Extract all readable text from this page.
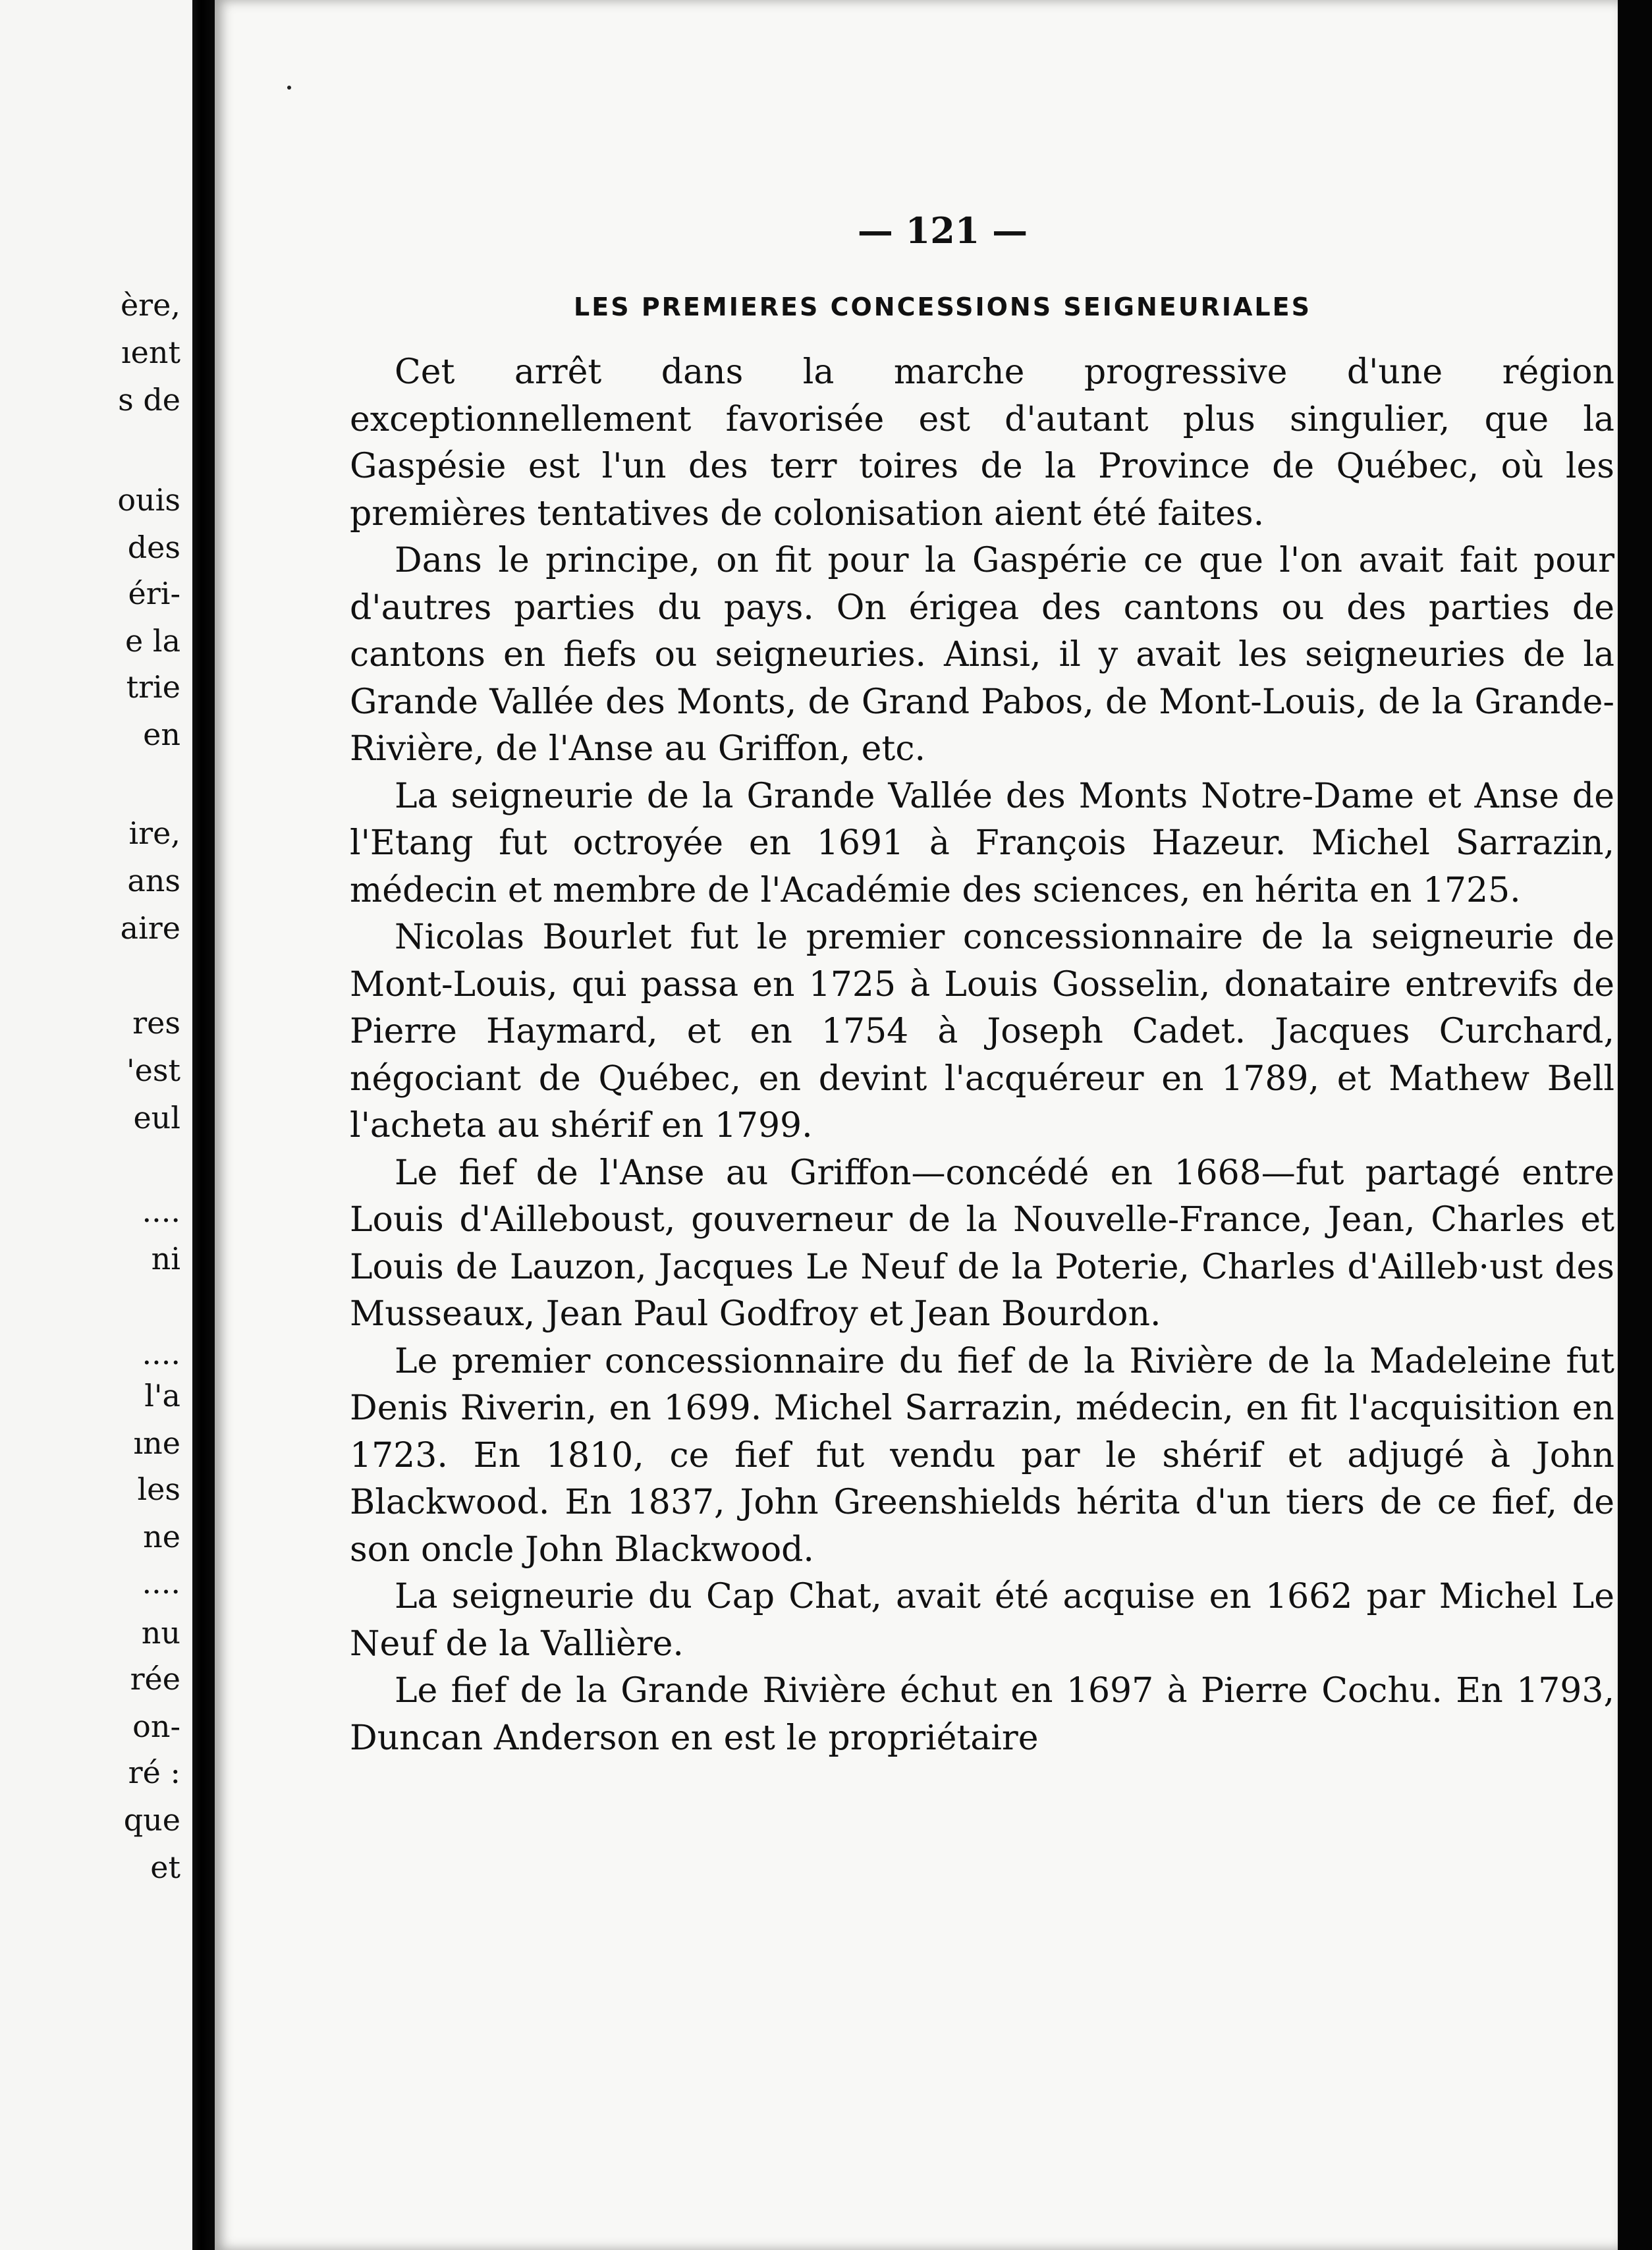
ère,
ıent
s de
ouis
des
éri-
e la
trie
en
ire,
ans
aire
res
'est
eul
....
ni
....
l'a
ıne
les
ne
....
nu
rée
on-
ré :
que
et
— 121 —
LES PREMIERES CONCESSIONS SEIGNEURIALES

Cet arrêt dans la marche progressive d'une région exceptionnellement favorisée est d'autant plus singulier, que la Gaspésie est l'un des terr toires de la Province de Québec, où les premières tentatives de colonisation aient été faites.

Dans le principe, on fit pour la Gaspérie ce que l'on avait fait pour d'autres parties du pays. On érigea des cantons ou des parties de cantons en fiefs ou seigneuries. Ainsi, il y avait les seigneuries de la Grande Vallée des Monts, de Grand Pabos, de Mont-Louis, de la Grande-Rivière, de l'Anse au Griffon, etc.

La seigneurie de la Grande Vallée des Monts Notre-Dame et Anse de l'Etang fut octroyée en 1691 à François Hazeur. Michel Sarrazin, médecin et membre de l'Académie des sciences, en hérita en 1725.

Nicolas Bourlet fut le premier concessionnaire de la seigneurie de Mont-Louis, qui passa en 1725 à Louis Gosselin, donataire entrevifs de Pierre Haymard, et en 1754 à Joseph Cadet. Jacques Curchard, négociant de Québec, en devint l'acquéreur en 1789, et Mathew Bell l'acheta au shérif en 1799.

Le fief de l'Anse au Griffon—concédé en 1668—fut partagé entre Louis d'Ailleboust, gouverneur de la Nouvelle-France, Jean, Charles et Louis de Lauzon, Jacques Le Neuf de la Poterie, Charles d'Ailleb·ust des Musseaux, Jean Paul Godfroy et Jean Bourdon.

Le premier concessionnaire du fief de la Rivière de la Madeleine fut Denis Riverin, en 1699. Michel Sarrazin, médecin, en fit l'acquisition en 1723. En 1810, ce fief fut vendu par le shérif et adjugé à John Blackwood. En 1837, John Greenshields hérita d'un tiers de ce fief, de son oncle John Blackwood.

La seigneurie du Cap Chat, avait été acquise en 1662 par Michel Le Neuf de la Vallière.

Le fief de la Grande Rivière échut en 1697 à Pierre Cochu. En 1793, Duncan Anderson en est le propriétaire
